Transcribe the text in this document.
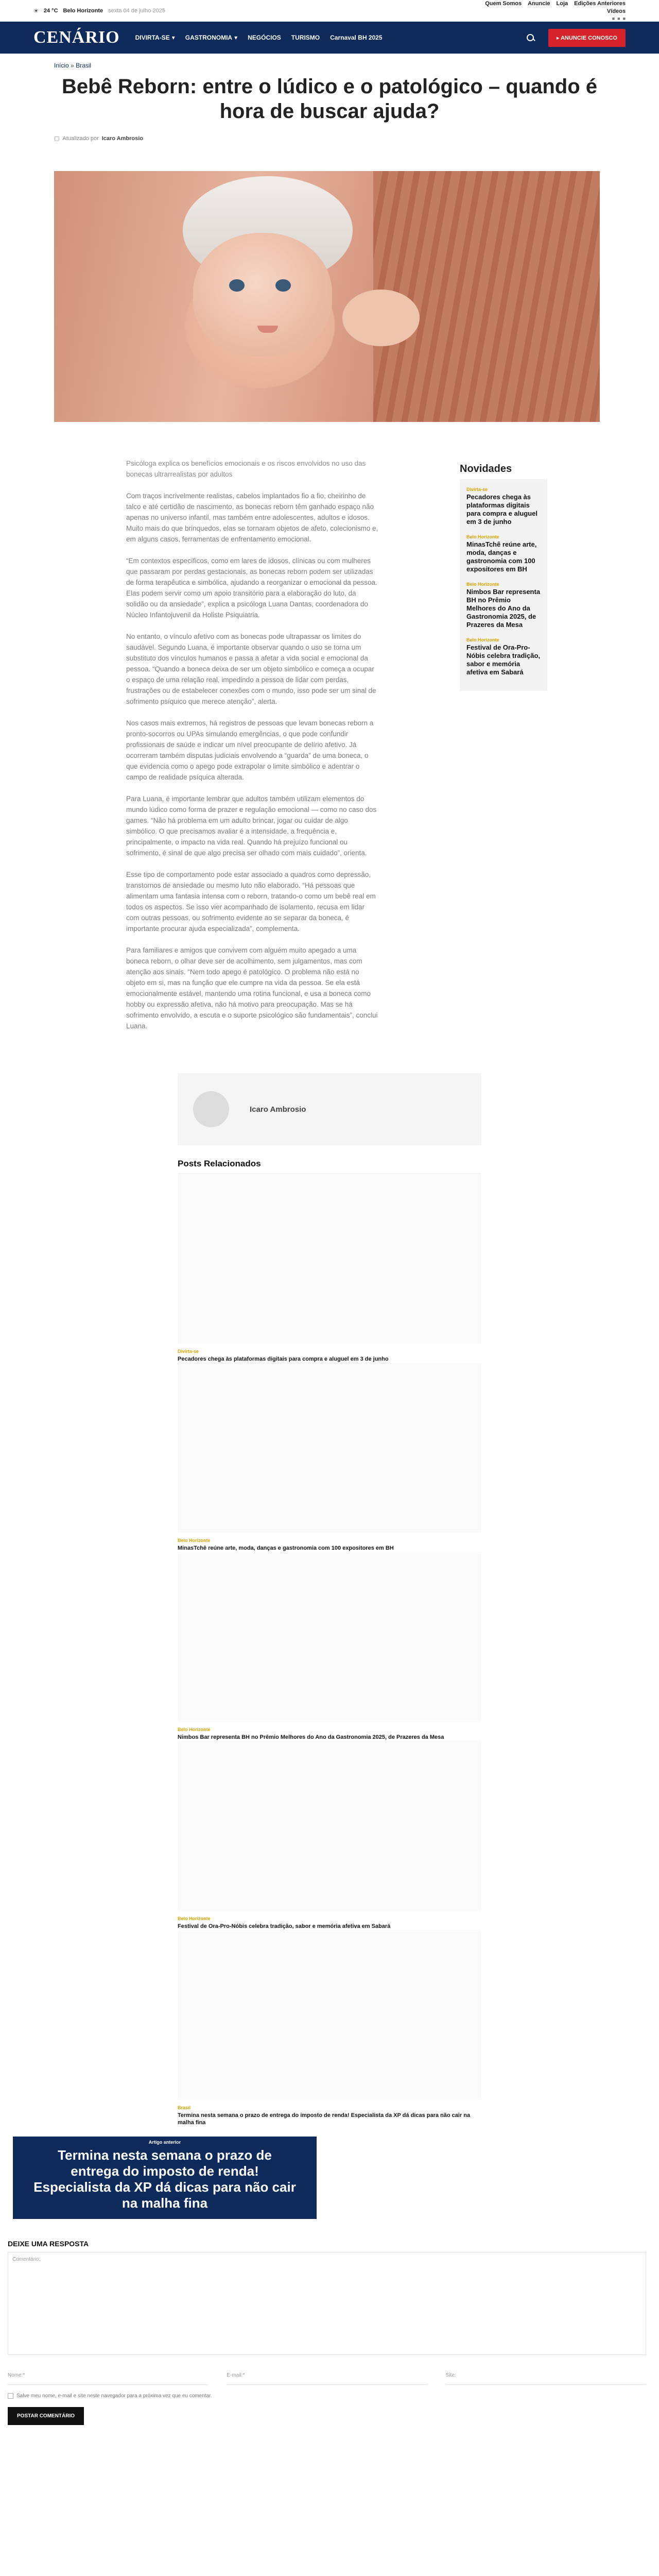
☀ 24 °C Belo Horizonte sexta 04 de julho 2025
Quem Somos Anuncie Loja Edições Anteriores
Vídeos
■ ■ ■
CENÁRIO	DIVIRTA-SE ▾ GASTRONOMIA ▾ NEGÓCIOS TURISMO Carnaval BH 2025	▸ ANUNCIE CONOSCO
Início » Brasil
Bebê Reborn: entre o lúdico e o patológico – quando é hora de buscar ajuda?
▢ Atualizado por Icaro Ambrosio

Psicóloga explica os benefícios emocionais e os riscos envolvidos no uso das bonecas ultrarrealistas por adultos

Com traços incrivelmente realistas, cabelos implantados fio a fio, cheirinho de talco e até certidão de nascimento, as bonecas reborn têm ganhado espaço não apenas no universo infantil, mas também entre adolescentes, adultos e idosos. Muito mais do que brinquedos, elas se tornaram objetos de afeto, colecionismo e, em alguns casos, ferramentas de enfrentamento emocional.

“Em contextos específicos, como em lares de idosos, clínicas ou com mulheres que passaram por perdas gestacionais, as bonecas reborn podem ser utilizadas de forma terapêutica e simbólica, ajudando a reorganizar o emocional da pessoa. Elas podem servir como um apoio transitório para a elaboração do luto, da solidão ou da ansiedade”, explica a psicóloga Luana Dantas, coordenadora do Núcleo Infantojuvenil da Holiste Psiquiatria.

No entanto, o vínculo afetivo com as bonecas pode ultrapassar os limites do saudável. Segundo Luana, é importante observar quando o uso se torna um substituto dos vínculos humanos e passa a afetar a vida social e emocional da pessoa. “Quando a boneca deixa de ser um objeto simbólico e começa a ocupar o espaço de uma relação real, impedindo a pessoa de lidar com perdas, frustrações ou de estabelecer conexões com o mundo, isso pode ser um sinal de sofrimento psíquico que merece atenção”, alerta.

Nos casos mais extremos, há registros de pessoas que levam bonecas reborn a pronto-socorros ou UPAs simulando emergências, o que pode confundir profissionais de saúde e indicar um nível preocupante de delírio afetivo. Já ocorreram também disputas judiciais envolvendo a “guarda” de uma boneca, o que evidencia como o apego pode extrapolar o limite simbólico e adentrar o campo de realidade psíquica alterada.

Para Luana, é importante lembrar que adultos também utilizam elementos do mundo lúdico como forma de prazer e regulação emocional — como no caso dos games. “Não há problema em um adulto brincar, jogar ou cuidar de algo simbólico. O que precisamos avaliar é a intensidade, a frequência e, principalmente, o impacto na vida real. Quando há prejuízo funcional ou sofrimento, é sinal de que algo precisa ser olhado com mais cuidado”, orienta.

Esse tipo de comportamento pode estar associado a quadros como depressão, transtornos de ansiedade ou mesmo luto não elaborado. “Há pessoas que alimentam uma fantasia intensa com o reborn, tratando-o como um bebê real em todos os aspectos. Se isso vier acompanhado de isolamento, recusa em lidar com outras pessoas, ou sofrimento evidente ao se separar da boneca, é importante procurar ajuda especializada”, complementa.

Para familiares e amigos que convivem com alguém muito apegado a uma boneca reborn, o olhar deve ser de acolhimento, sem julgamentos, mas com atenção aos sinais. “Nem todo apego é patológico. O problema não está no objeto em si, mas na função que ele cumpre na vida da pessoa. Se ela está emocionalmente estável, mantendo uma rotina funcional, e usa a boneca como hobby ou expressão afetiva, não há motivo para preocupação. Mas se há sofrimento envolvido, a escuta e o suporte psicológico são fundamentais”, conclui Luana.

Novidades
Divirta-se
Pecadores chega às plataformas digitais para compra e aluguel em 3 de junho
Belo Horizonte
MinasTchê reúne arte, moda, danças e gastronomia com 100 expositores em BH
Belo Horizonte
Nimbos Bar representa BH no Prêmio Melhores do Ano da Gastronomia 2025, de Prazeres da Mesa
Belo Horizonte
Festival de Ora-Pro-Nóbis celebra tradição, sabor e memória afetiva em Sabará
Icaro Ambrosio
Posts Relacionados
Divirta-se
Pecadores chega às plataformas digitais para compra e aluguel em 3 de junho
Belo Horizonte
MinasTchê reúne arte, moda, danças e gastronomia com 100 expositores em BH
Belo Horizonte
Nimbos Bar representa BH no Prêmio Melhores do Ano da Gastronomia 2025, de Prazeres da Mesa
Belo Horizonte
Festival de Ora-Pro-Nóbis celebra tradição, sabor e memória afetiva em Sabará
Brasil
Termina nesta semana o prazo de entrega do imposto de renda! Especialista da XP dá dicas para não cair na malha fina
Artigo anterior
Termina nesta semana o prazo de entrega do imposto de renda! Especialista da XP dá dicas para não cair na malha fina
DEIXE UMA RESPOSTA
Comentário:
Nome:*	E-mail:*	Site:
Salve meu nome, e-mail e site neste navegador para a próxima vez que eu comentar.
POSTAR COMENTÁRIO
